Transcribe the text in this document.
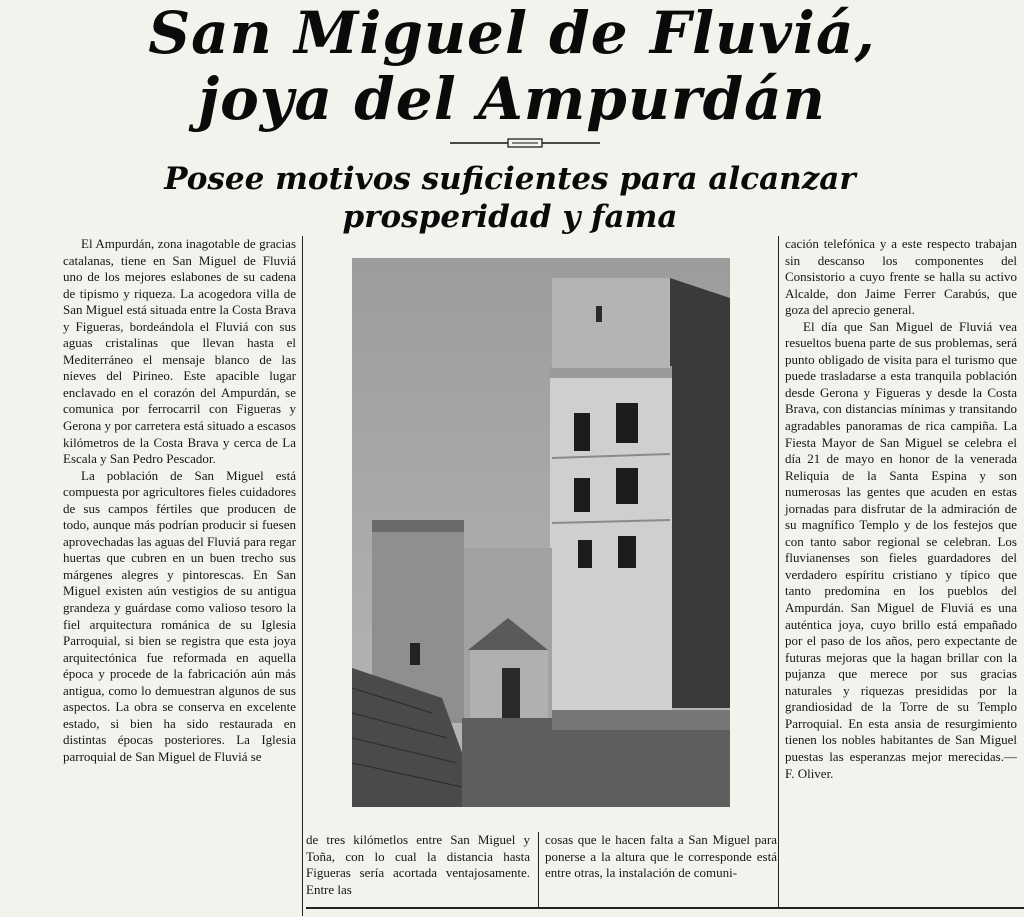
San Miguel de Fluviá,
joya del Ampurdán
Posee motivos suficientes para alcanzar
prosperidad y fama

El Ampurdán, zona inagotable de gracias catalanas, tiene en San Miguel de Fluviá uno de los mejores eslabones de su cadena de tipismo y riqueza. La acogedora villa de San Miguel está situada entre la Costa Brava y Figueras, bordeándola el Fluviá con sus aguas cristalinas que llevan hasta el Mediterráneo el mensaje blanco de las nieves del Pirineo. Este apacible lugar enclavado en el corazón del Ampurdán, se comunica por ferrocarril con Figueras y Gerona y por carretera está situado a escasos kilómetros de la Costa Brava y cerca de La Escala y San Pedro Pescador.

La población de San Miguel está compuesta por agricultores fieles cuidadores de sus campos fértiles que producen de todo, aunque más podrían producir si fuesen aprovechadas las aguas del Fluviá para regar huertas que cubren en un buen trecho sus márgenes alegres y pintorescas. En San Miguel existen aún vestigios de su antigua grandeza y guárdase como valioso tesoro la fiel arquitectura románica de su Iglesia Parroquial, si bien se registra que esta joya arquitectónica fue reformada en aquella época y procede de la fabricación aún más antigua, como lo demuestran algunos de sus aspectos. La obra se conserva en excelente estado, si bien ha sido restaurada en distintas épocas posteriores. La Iglesia parroquial de San Miguel de Fluviá se

de tres kilómetlos entre San Miguel y Toña, con lo cual la distancia hasta Figueras sería acortada ventajosamente. Entre las

cosas que le hacen falta a San Miguel para ponerse a la altura que le corresponde está entre otras, la instalación de comuni-

cación telefónica y a este respecto trabajan sin descanso los componentes del Consistorio a cuyo frente se halla su activo Alcalde, don Jaime Ferrer Carabús, que goza del aprecio general.

El día que San Miguel de Fluviá vea resueltos buena parte de sus problemas, será punto obligado de visita para el turismo que puede trasladarse a esta tranquila población desde Gerona y Figueras y desde la Costa Brava, con distancias mínimas y transitando agradables panoramas de rica campiña. La Fiesta Mayor de San Miguel se celebra el día 21 de mayo en honor de la venerada Reliquia de la Santa Espina y son numerosas las gentes que acuden en estas jornadas para disfrutar de la admiración de su magnífico Templo y de los festejos que con tanto sabor regional se celebran. Los fluvianenses son fieles guardadores del verdadero espíritu cristiano y típico que tanto predomina en los pueblos del Ampurdán. San Miguel de Fluviá es una auténtica joya, cuyo brillo está empañado por el paso de los años, pero expectante de futuras mejoras que la hagan brillar con la pujanza que merece por sus gracias naturales y riquezas presididas por la grandiosidad de la Torre de su Templo Parroquial. En esta ansia de resurgimiento tienen los nobles habitantes de San Miguel puestas las esperanzas mejor merecidas.— F. Oliver.
